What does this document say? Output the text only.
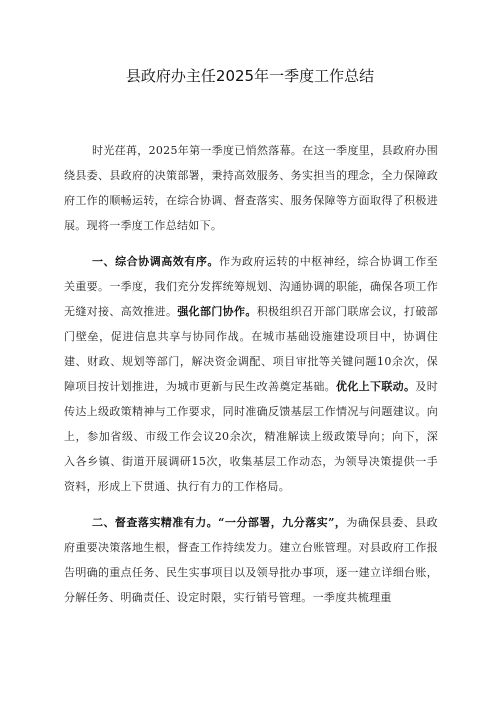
县政府办主任2025年一季度工作总结

时光荏苒，2025年第一季度已悄然落幕。在这一季度里，县政府办围绕县委、县政府的决策部署，秉持高效服务、务实担当的理念，全力保障政府工作的顺畅运转，在综合协调、督查落实、服务保障等方面取得了积极进展。现将一季度工作总结如下。

一、综合协调高效有序。作为政府运转的中枢神经，综合协调工作至关重要。一季度，我们充分发挥统筹规划、沟通协调的职能，确保各项工作无缝对接、高效推进。强化部门协作。积极组织召开部门联席会议，打破部门壁垒，促进信息共享与协同作战。在城市基础设施建设项目中，协调住建、财政、规划等部门，解决资金调配、项目审批等关键问题10余次，保障项目按计划推进，为城市更新与民生改善奠定基础。优化上下联动。及时传达上级政策精神与工作要求，同时准确反馈基层工作情况与问题建议。向上，参加省级、市级工作会议20余次，精准解读上级政策导向；向下，深入各乡镇、街道开展调研15次，收集基层工作动态，为领导决策提供一手资料，形成上下贯通、执行有力的工作格局。

二、督查落实精准有力。“一分部署，九分落实”，为确保县委、县政府重要决策落地生根，督查工作持续发力。建立台账管理。对县政府工作报告明确的重点任务、民生实事项目以及领导批办事项，逐一建立详细台账，分解任务、明确责任、设定时限，实行销号管理。一季度共梳理重
